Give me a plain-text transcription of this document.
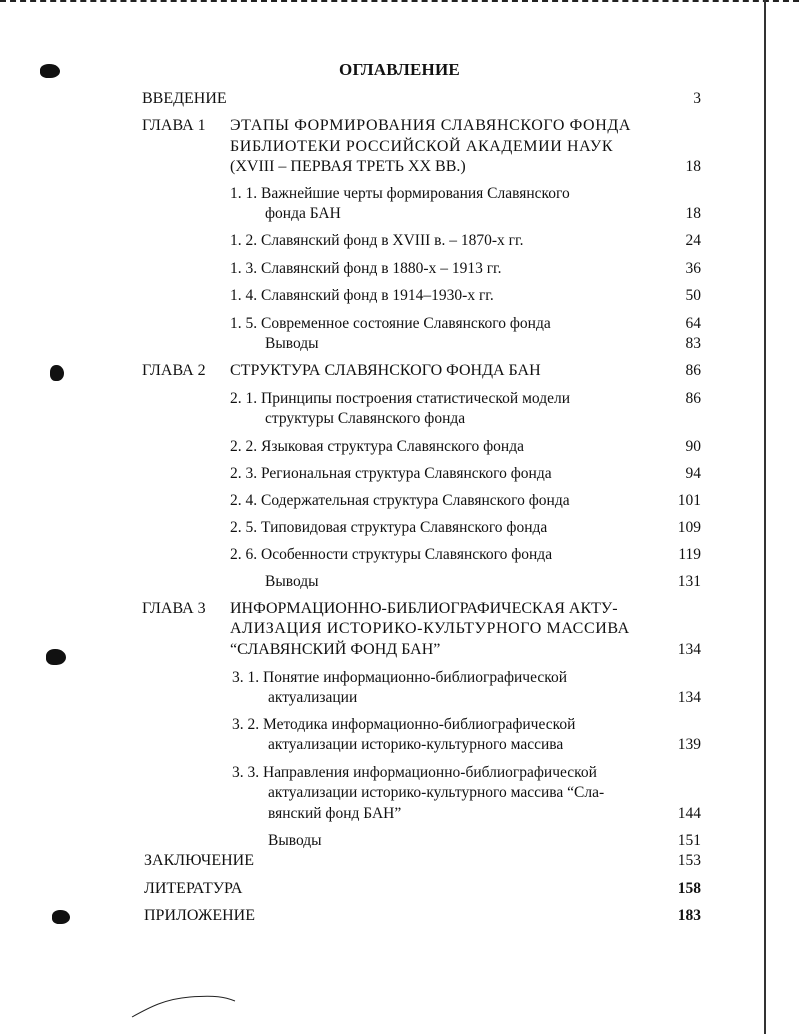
ОГЛАВЛЕНИЕ
ВВЕДЕНИЕ	3
ГЛАВА 1 ЭТАПЫ ФОРМИРОВАНИЯ СЛАВЯНСКОГО ФОНДА
БИБЛИОТЕКИ РОССИЙСКОЙ АКАДЕМИИ НАУК
(XVIII – ПЕРВАЯ ТРЕТЬ XX ВВ.)	18
1. 1. Важнейшие черты формирования Славянского
фонда БАН	18
1. 2. Славянский фонд в XVIII в. – 1870-х гг.	24
1. 3. Славянский фонд в 1880-х – 1913 гг.	36
1. 4. Славянский фонд в 1914–1930-х гг.	50
1. 5. Современное состояние Славянского фонда	64
Выводы	83
ГЛАВА 2 СТРУКТУРА СЛАВЯНСКОГО ФОНДА БАН	86
2. 1. Принципы построения статистической модели	86
структуры Славянского фонда
2. 2. Языковая структура Славянского фонда	90
2. 3. Региональная структура Славянского фонда	94
2. 4. Содержательная структура Славянского фонда	101
2. 5. Типовидовая структура Славянского фонда	109
2. 6. Особенности структуры Славянского фонда	119
Выводы	131
ГЛАВА 3 ИНФОРМАЦИОННО-БИБЛИОГРАФИЧЕСКАЯ АКТУ-
АЛИЗАЦИЯ ИСТОРИКО-КУЛЬТУРНОГО МАССИВА
“СЛАВЯНСКИЙ ФОНД БАН”	134
3. 1. Понятие информационно-библиографической
актуализации	134
3. 2. Методика информационно-библиографической
актуализации историко-культурного массива	139
3. 3. Направления информационно-библиографической
актуализации историко-культурного массива “Сла-
вянский фонд БАН”	144
Выводы	151
ЗАКЛЮЧЕНИЕ	153
ЛИТЕРАТУРА	158
ПРИЛОЖЕНИЕ	183
